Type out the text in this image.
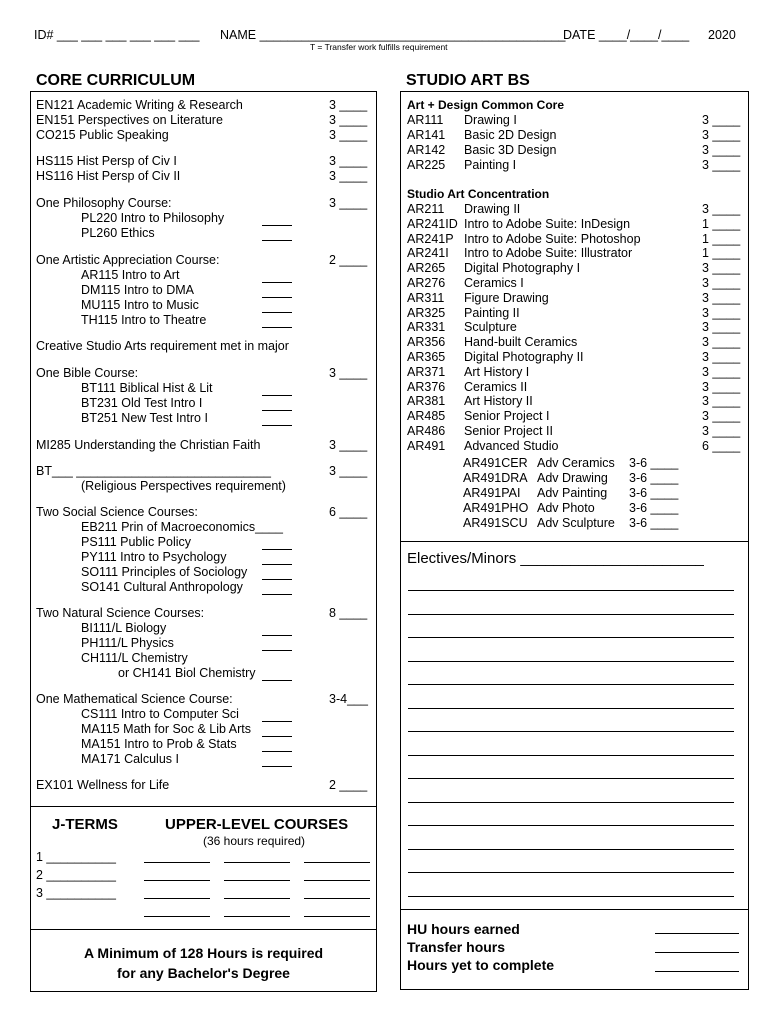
ID# ___ ___ ___ ___ ___ ___ NAME ____________________________________________
DATE ____/____/____ 2020
T = Transfer work fulfills requirement
CORE CURRICULUM	STUDIO ART BS
EN121 Academic Writing & Research	3 ____
EN151 Perspectives on Literature	3 ____
CO215 Public Speaking	3 ____
HS115 Hist Persp of Civ I	3 ____
HS116 Hist Persp of Civ II	3 ____
One Philosophy Course:	3 ____
PL220 Intro to Philosophy
PL260 Ethics
One Artistic Appreciation Course:	2 ____
AR115 Intro to Art
DM115 Intro to DMA
MU115 Intro to Music
TH115 Intro to Theatre
Creative Studio Arts requirement met in major
One Bible Course:	3 ____
BT111 Biblical Hist & Lit
BT231 Old Test Intro I
BT251 New Test Intro I
MI285 Understanding the Christian Faith	3 ____
BT___ ____________________________	3 ____
(Religious Perspectives requirement)
Two Social Science Courses:	6 ____
EB211 Prin of Macroeconomics____
PS111 Public Policy
PY111 Intro to Psychology
SO111 Principles of Sociology
SO141 Cultural Anthropology
Two Natural Science Courses:	8 ____
BI111/L Biology
PH111/L Physics
CH111/L Chemistry
or CH141 Biol Chemistry
One Mathematical Science Course:	3-4___
CS111 Intro to Computer Sci
MA115 Math for Soc & Lib Arts
MA151 Intro to Prob & Stats
MA171 Calculus I
EX101 Wellness for Life	2 ____
J-TERMS	UPPER-LEVEL COURSES
(36 hours required)
1 __________
2 __________
3 __________
A Minimum of 128 Hours is required
for any Bachelor's Degree
Art + Design Common Core
AR111 Drawing I	3 ____
AR141 Basic 2D Design	3 ____
AR142 Basic 3D Design	3 ____
AR225 Painting I	3 ____
Studio Art Concentration
AR211 Drawing II	3 ____
AR241ID Intro to Adobe Suite: InDesign	1 ____
AR241P Intro to Adobe Suite: Photoshop	1 ____
AR241I Intro to Adobe Suite: Illustrator	1 ____
AR265 Digital Photography I	3 ____
AR276 Ceramics I	3 ____
AR311 Figure Drawing	3 ____
AR325 Painting II	3 ____
AR331 Sculpture	3 ____
AR356 Hand-built Ceramics	3 ____
AR365 Digital Photography II	3 ____
AR371 Art History I	3 ____
AR376 Ceramics II	3 ____
AR381 Art History II	3 ____
AR485 Senior Project I	3 ____
AR486 Senior Project II	3 ____
AR491 Advanced Studio	6 ____
AR491CER Adv Ceramics 3-6 ____
AR491DRA Adv Drawing 3-6 ____
AR491PAI Adv Painting 3-6 ____
AR491PHO Adv Photo	3-6 ____
AR491SCU Adv Sculpture 3-6 ____
Electives/Minors ______________________
HU hours earned
Transfer hours
Hours yet to complete
